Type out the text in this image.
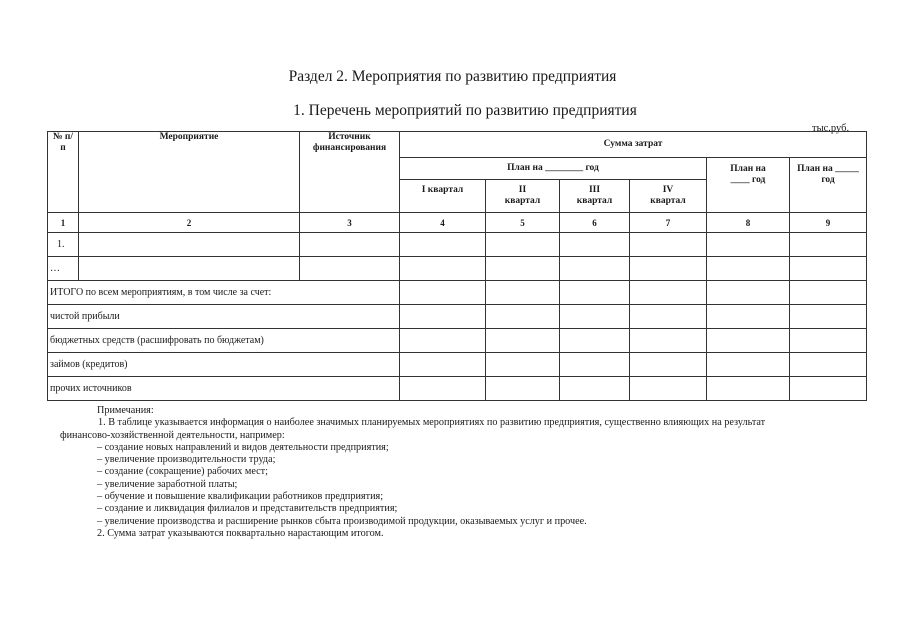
Раздел 2. Мероприятия по развитию предприятия
1. Перечень мероприятий по развитию предприятия
тыс.руб.
№ п/п	Мероприятие	Источник финансирования	Сумма затрат					
			План на ________ год				План на ____ год	План на _____ год
			I квартал	II квартал	III квартал	IV квартал		
1	2	3	4	5	6	7	8	9
1.								
…								
ИТОГО по всем мероприятиям, в том числе за счет:								
чистой прибыли								
бюджетных средств (расшифровать по бюджетам)								
займов (кредитов)								
прочих источников								
Примечания:
1. В таблице указывается информация о наиболее значимых планируемых мероприятиях по развитию предприятия, существенно влияющих на результат
финансово-хозяйственной деятельности, например:
– создание новых направлений и видов деятельности предприятия;
– увеличение производительности труда;
– создание (сокращение) рабочих мест;
– увеличение заработной платы;
– обучение и повышение квалификации работников предприятия;
– создание и ликвидация филиалов и представительств предприятия;
– увеличение производства и расширение рынков сбыта производимой продукции, оказываемых услуг и прочее.
2. Сумма затрат указываются поквартально нарастающим итогом.
